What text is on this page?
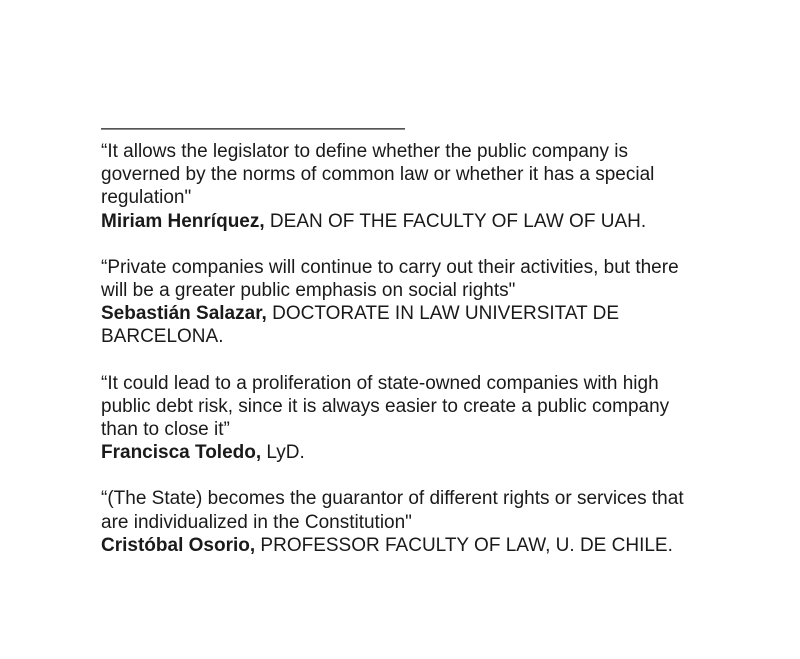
————————————————
“It allows the legislator to define whether the public company is governed by the norms of common law or whether it has a special regulation"
Miriam Henríquez, DEAN OF THE FACULTY OF LAW OF UAH.
“Private companies will continue to carry out their activities, but there will be a greater public emphasis on social rights"
Sebastián Salazar, DOCTORATE IN LAW UNIVERSITAT DE BARCELONA.
“It could lead to a proliferation of state-owned companies with high public debt risk, since it is always easier to create a public company than to close it”
Francisca Toledo, LyD.
“(The State) becomes the guarantor of different rights or services that are individualized in the Constitution"
Cristóbal Osorio, PROFESSOR FACULTY OF LAW, U. DE CHILE.
